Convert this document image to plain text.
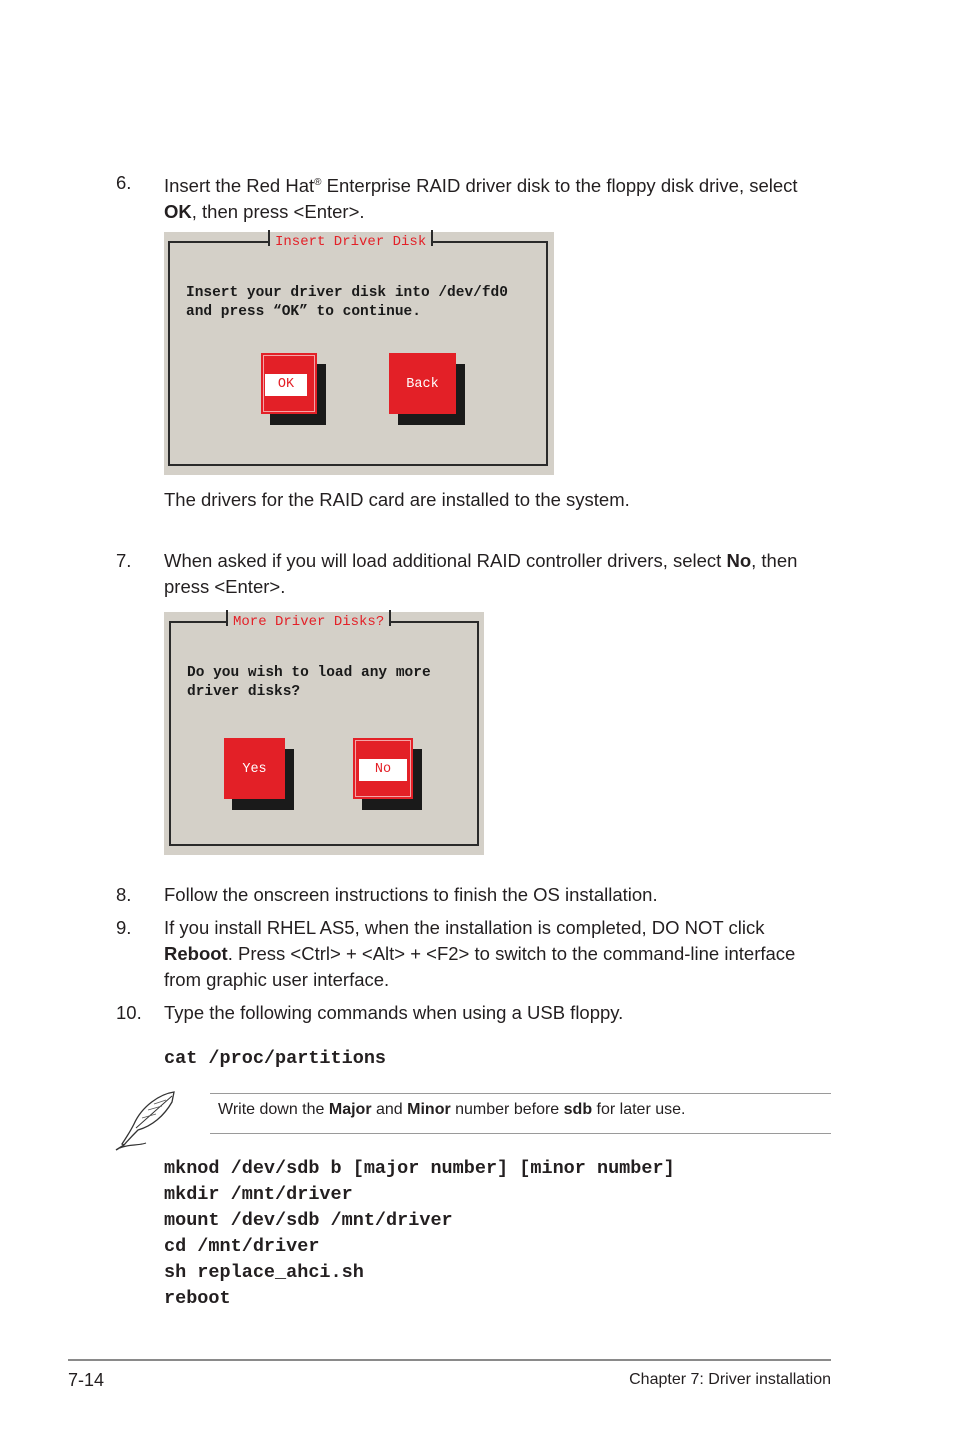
6.	Insert the Red Hat® Enterprise RAID driver disk to the floppy disk drive, select
OK, then press <Enter>.
Insert Driver Disk
Insert your driver disk into /dev/fd0
and press “OK” to continue.
OK	Back
The drivers for the RAID card are installed to the system.
7.	When asked if you will load additional RAID controller drivers, select No, then
press <Enter>.
More Driver Disks?
Do you wish to load any more
driver disks?
Yes	No
8.	Follow the onscreen instructions to finish the OS installation.
9.	If you install RHEL AS5, when the installation is completed, DO NOT click
Reboot. Press <Ctrl> + <Alt> + <F2> to switch to the command-line interface
from graphic user interface.
10.	Type the following commands when using a USB floppy.
cat /proc/partitions
Write down the Major and Minor number before sdb for later use.
mknod /dev/sdb b [major number] [minor number]
mkdir /mnt/driver
mount /dev/sdb /mnt/driver
cd /mnt/driver
sh replace_ahci.sh
reboot
7-14	Chapter 7: Driver installation
